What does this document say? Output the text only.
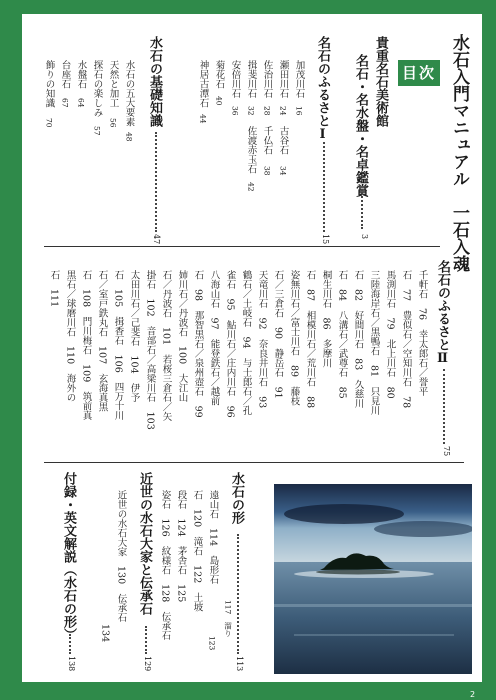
水石入門マニュアル　一石入魂
目次
貴重名石美術館
名石・名水盤・名卓鑑賞
3
名石のふるさとⅠ
15
加茂川石
16
瀬田川石
24
古谷石
34
佐治川石
28
千仏石
38
揖斐川石
32
佐渡赤玉石
42
安倍川石
36
菊花石
40
神居古潭石
44
水石の基礎知識
47
水石の五大要素
48
天然と加工
56
探石の楽しみ
57
水盤石
64
台座石
67
飾りの知識
70
名石のふるさとⅡ
75
千軒石　76　幸太郎石／誉平
石　77　豊似石／空知川石　78
馬渕川石　79　北上川石　80
三陸海岸石／黒鴨石　81　只見川
石　82　好間川石　83　久慈川
石　84　八溝石／武尊石　85
桐生川石　86　多摩川
石　87　相模川石／荒川石　88
姿無川石／富士川石　89　藤枝
石／三倉石　90　静岳石　91
天竜川石　92　奈良井川石　93
鶴石／土岐石　94　与士郎石／孔
雀石　95　鮎川石／庄内川石　96
八海山石　97　能登鉄石／越前
石　98　那智黒石／泉州壺石　99
姉川石／丹波石　100　大江山
石／丹波石　101　若桜三倉石／矢
掛石　102　音部石／高梁川石　103
太田川石／己斐石　104　伊予
石　105　揖香石　106　四万十川
石／室戸鉄丸石　107　玄海真黒
石　108　門川梅石　109　筑前真
黒石／球磨川石　110　海外の
石　111
水石の形
113
遠山石　114　島形石
石　120　滝石　122　土坡
段石　124　茅舎石　125
姿石　126　紋様石　128　伝承石	117　溜り
123
近世の水石大家と伝承石
129
近世の水石大家　130　伝承石
134
付録・英文解説（水石の形）
138
2
